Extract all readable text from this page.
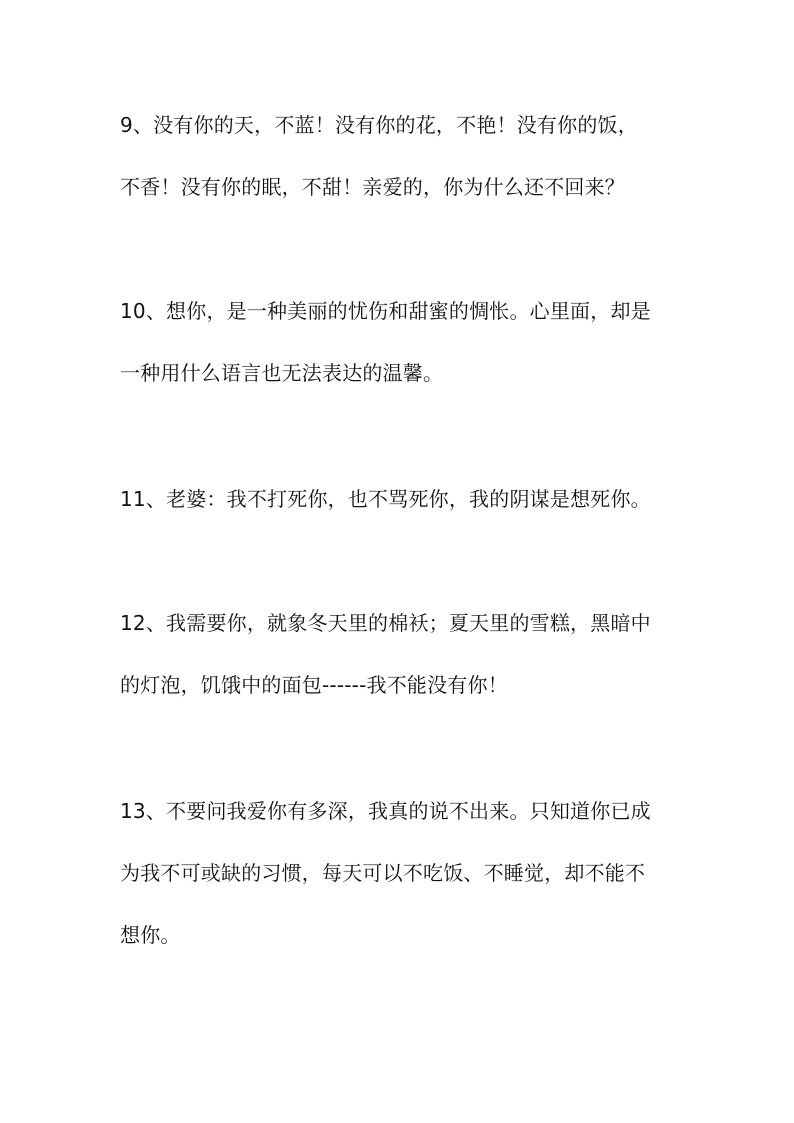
9、没有你的天，不蓝！没有你的花，不艳！没有你的饭，
不香！没有你的眠，不甜！亲爱的，你为什么还不回来？
10、想你，是一种美丽的忧伤和甜蜜的惆怅。心里面，却是
一种用什么语言也无法表达的温馨。
11、老婆：我不打死你，也不骂死你，我的阴谋是想死你。
12、我需要你，就象冬天里的棉袄；夏天里的雪糕，黑暗中
的灯泡，饥饿中的面包------我不能没有你！
13、不要问我爱你有多深，我真的说不出来。只知道你已成
为我不可或缺的习惯，每天可以不吃饭、不睡觉，却不能不
想你。
